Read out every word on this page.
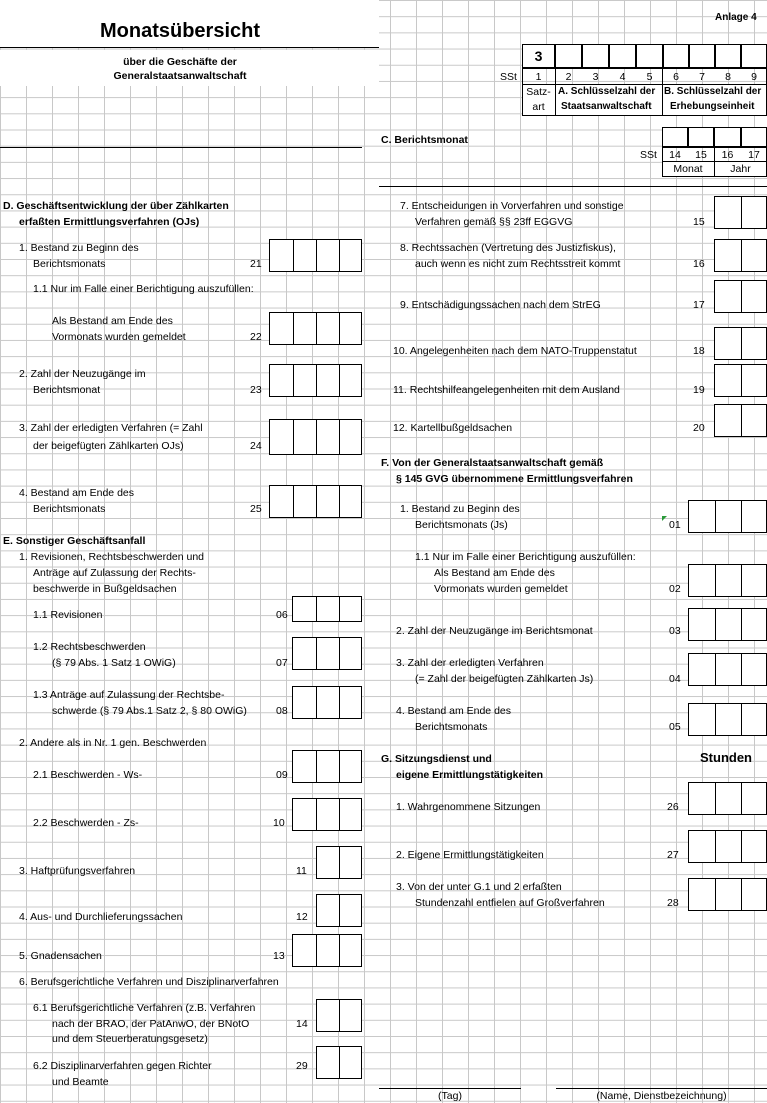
Anlage 4
Monatsübersicht
über die Geschäfte der
Generalstaatsanwaltschaft
3
SSt	1	2	3	4	5	6	7	8	9
Satz-
art
A. Schlüsselzahl der
Staatsanwaltschaft
B. Schlüsselzahl der
Erhebungseinheit
C. Berichtsmonat
SSt	14	15	16	17
Monat	Jahr
D. Geschäftsentwicklung der über Zählkarten
erfaßten Ermittlungsverfahren (OJs)
1. Bestand zu Beginn des
Berichtsmonats	21
1.1 Nur im Falle einer Berichtigung auszufüllen:
Als Bestand am Ende des
Vormonats wurden gemeldet	22
2. Zahl der Neuzugänge im
Berichtsmonat	23
3. Zahl der erledigten Verfahren (= Zahl
der beigefügten Zählkarten OJs)	24
4. Bestand am Ende des
Berichtsmonats	25
E. Sonstiger Geschäftsanfall
1. Revisionen, Rechtsbeschwerden und
Anträge auf Zulassung der Rechts-
beschwerde in Bußgeldsachen
1.1 Revisionen	06
1.2 Rechtsbeschwerden
(§ 79 Abs. 1 Satz 1 OWiG)	07
1.3 Anträge auf Zulassung der Rechtsbe-
schwerde (§ 79 Abs.1 Satz 2, § 80 OWiG)	08
2. Andere als in Nr. 1 gen. Beschwerden
2.1 Beschwerden - Ws-	09
2.2 Beschwerden - Zs-	10
3. Haftprüfungsverfahren	11
4. Aus- und Durchlieferungssachen	12
5. Gnadensachen	13
6. Berufsgerichtliche Verfahren und Disziplinarverfahren
6.1 Berufsgerichtliche Verfahren (z.B. Verfahren
nach der BRAO, der PatAnwO, der BNotO
und dem Steuerberatungsgesetz)
14
6.2 Disziplinarverfahren gegen Richter
und Beamte
29
7. Entscheidungen in Vorverfahren und sonstige
Verfahren gemäß §§ 23ff EGGVG	15
8. Rechtssachen (Vertretung des Justizfiskus),
auch wenn es nicht zum Rechtsstreit kommt	16
9. Entschädigungssachen nach dem StrEG	17
10. Angelegenheiten nach dem NATO-Truppenstatut	18
11. Rechtshilfeangelegenheiten mit dem Ausland	19
12. Kartellbußgeldsachen	20
F. Von der Generalstaatsanwaltschaft gemäß
§ 145 GVG übernommene Ermittlungsverfahren
1. Bestand zu Beginn des
Berichtsmonats (Js)	01
1.1 Nur im Falle einer Berichtigung auszufüllen:
Als Bestand am Ende des
Vormonats wurden gemeldet	02
2. Zahl der Neuzugänge im Berichtsmonat	03
3. Zahl der erledigten Verfahren
(= Zahl der beigefügten Zählkarten Js)	04
4. Bestand am Ende des
Berichtsmonats	05
G. Sitzungsdienst und
eigene Ermittlungstätigkeiten
Stunden
1. Wahrgenommene Sitzungen	26
2. Eigene Ermittlungstätigkeiten	27
3. Von der unter G.1 und 2 erfaßten
Stundenzahl entfielen auf Großverfahren	28
(Tag)	(Name, Dienstbezeichnung)
